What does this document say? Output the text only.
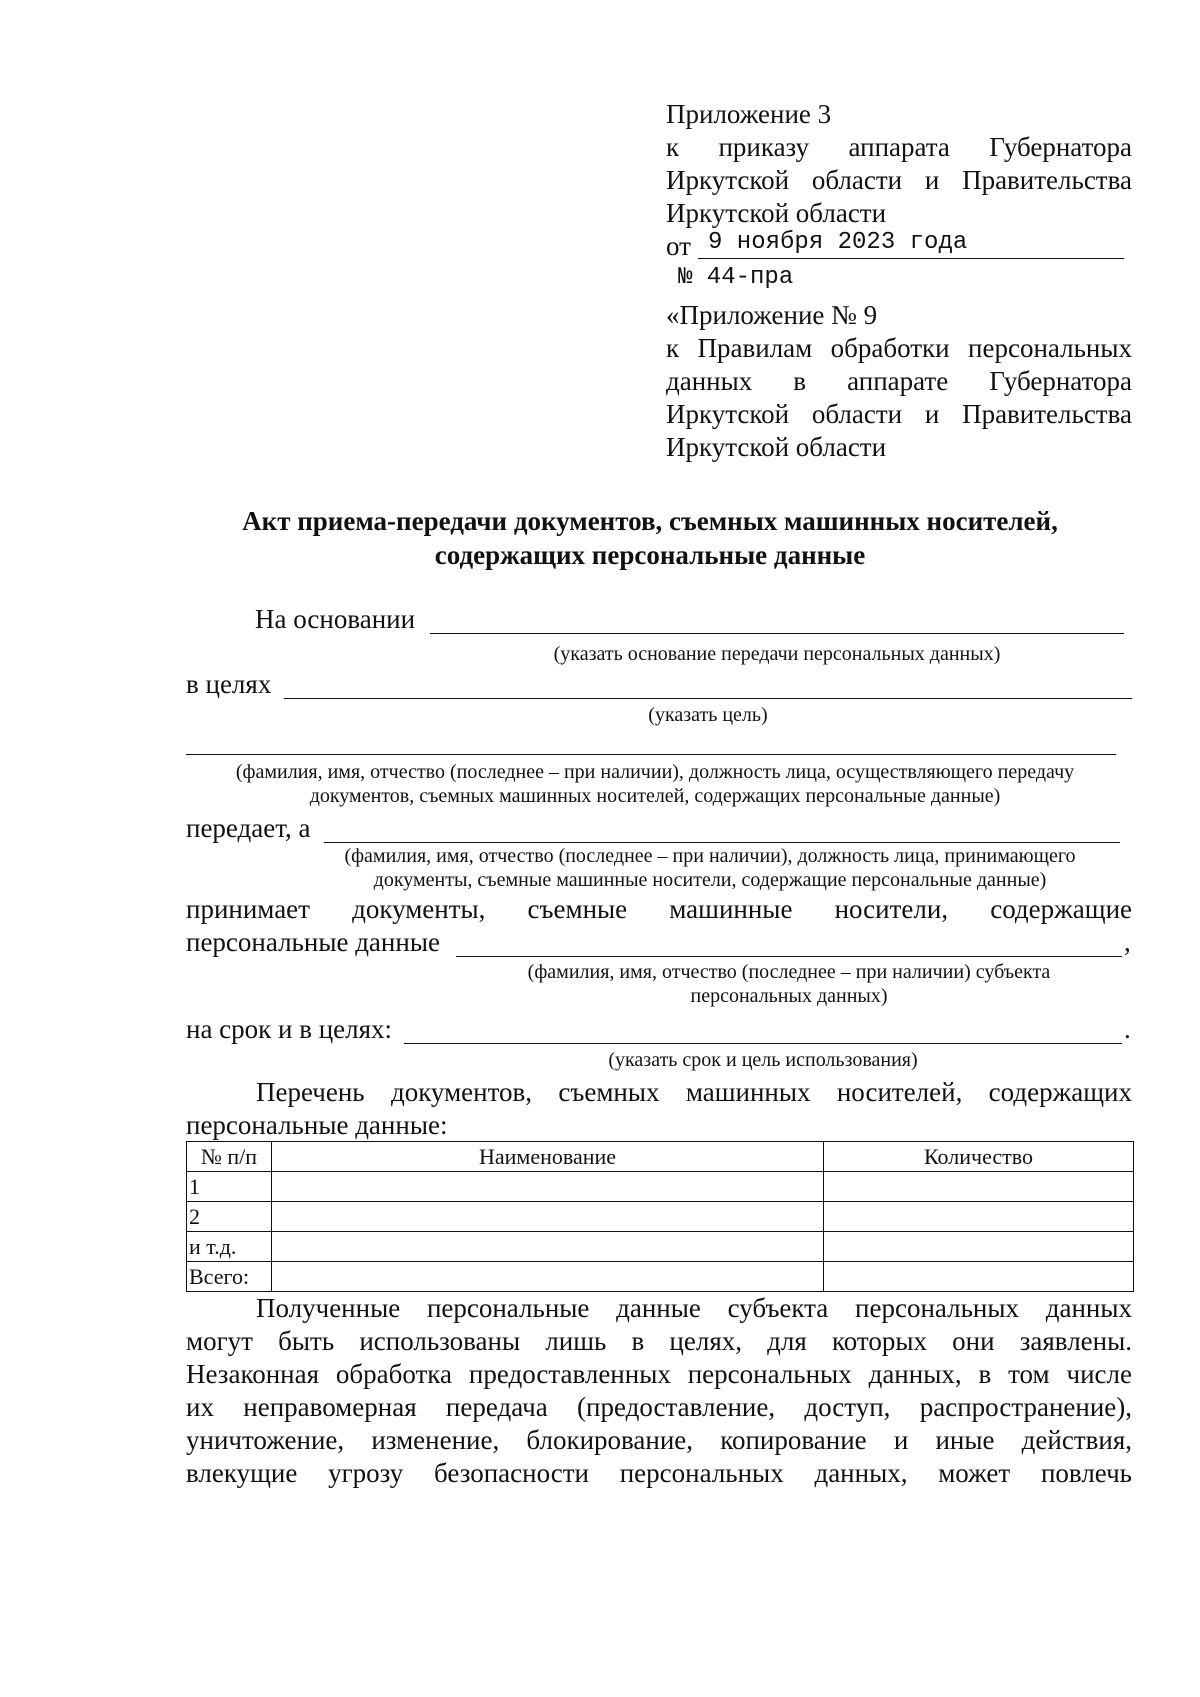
Приложение 3
к приказу аппарата Губернатора
Иркутской области и Правительства
Иркутской области
от 9 ноября 2023 года
№ 44-пра
«Приложение № 9
к Правилам обработки персональных
данных в аппарате Губернатора
Иркутской области и Правительства
Иркутской области
Акт приема-передачи документов, съемных машинных носителей,
содержащих персональные данные
На основании
(указать основание передачи персональных данных)
в целях
(указать цель)
(фамилия, имя, отчество (последнее – при наличии), должность лица, осуществляющего передачу
документов, съемных машинных носителей, содержащих персональные данные)
передает, а
(фамилия, имя, отчество (последнее – при наличии), должность лица, принимающего
документы, съемные машинные носители, содержащие персональные данные)
принимает документы, съемные машинные носители, содержащие
персональные данные	,
(фамилия, имя, отчество (последнее – при наличии) субъекта
персональных данных)
на срок и в целях:	.
(указать срок и цель использования)
Перечень документов, съемных машинных носителей, содержащих
персональные данные:
№ п/п	Наименование	Количество
1		
2		
и т.д.		
Всего:		
Полученные персональные данные субъекта персональных данных
могут быть использованы лишь в целях, для которых они заявлены.
Незаконная обработка предоставленных персональных данных, в том числе
их неправомерная передача (предоставление, доступ, распространение),
уничтожение, изменение, блокирование, копирование и иные действия,
влекущие угрозу безопасности персональных данных, может повлечь
